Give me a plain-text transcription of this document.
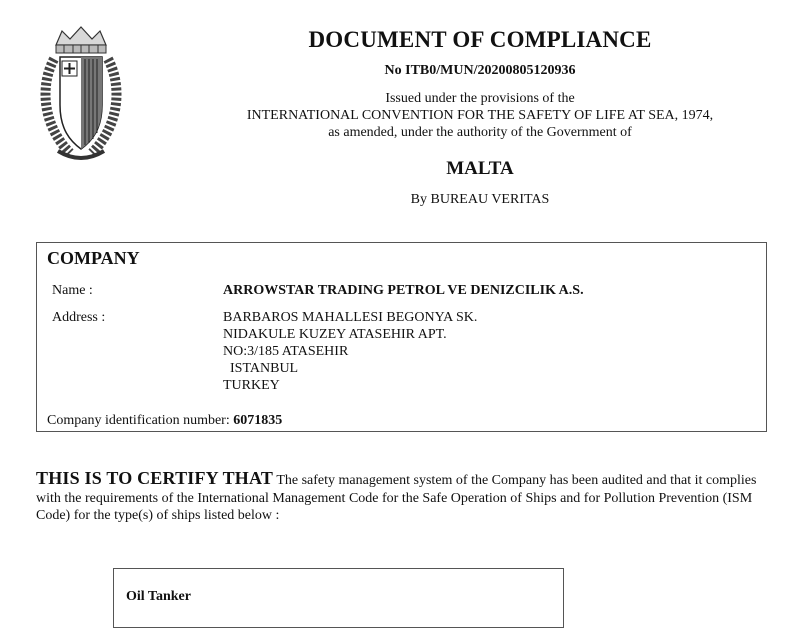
DOCUMENT OF COMPLIANCE
No ITB0/MUN/20200805120936
Issued under the provisions of the
INTERNATIONAL CONVENTION FOR THE SAFETY OF LIFE AT SEA, 1974,
as amended, under the authority of the Government of
MALTA
By BUREAU VERITAS
COMPANY
Name :	ARROWSTAR TRADING PETROL VE DENIZCILIK A.S.
Address :	BARBAROS MAHALLESI BEGONYA SK.
NIDAKULE KUZEY ATASEHIR APT.
NO:3/185 ATASEHIR
ISTANBUL
TURKEY
Company identification number: 6071835
THIS IS TO CERTIFY THAT The safety management system of the Company has been audited and that it complies with the requirements of the International Management Code for the Safe Operation of Ships and for Pollution Prevention (ISM Code) for the type(s) of ships listed below :
Oil Tanker
